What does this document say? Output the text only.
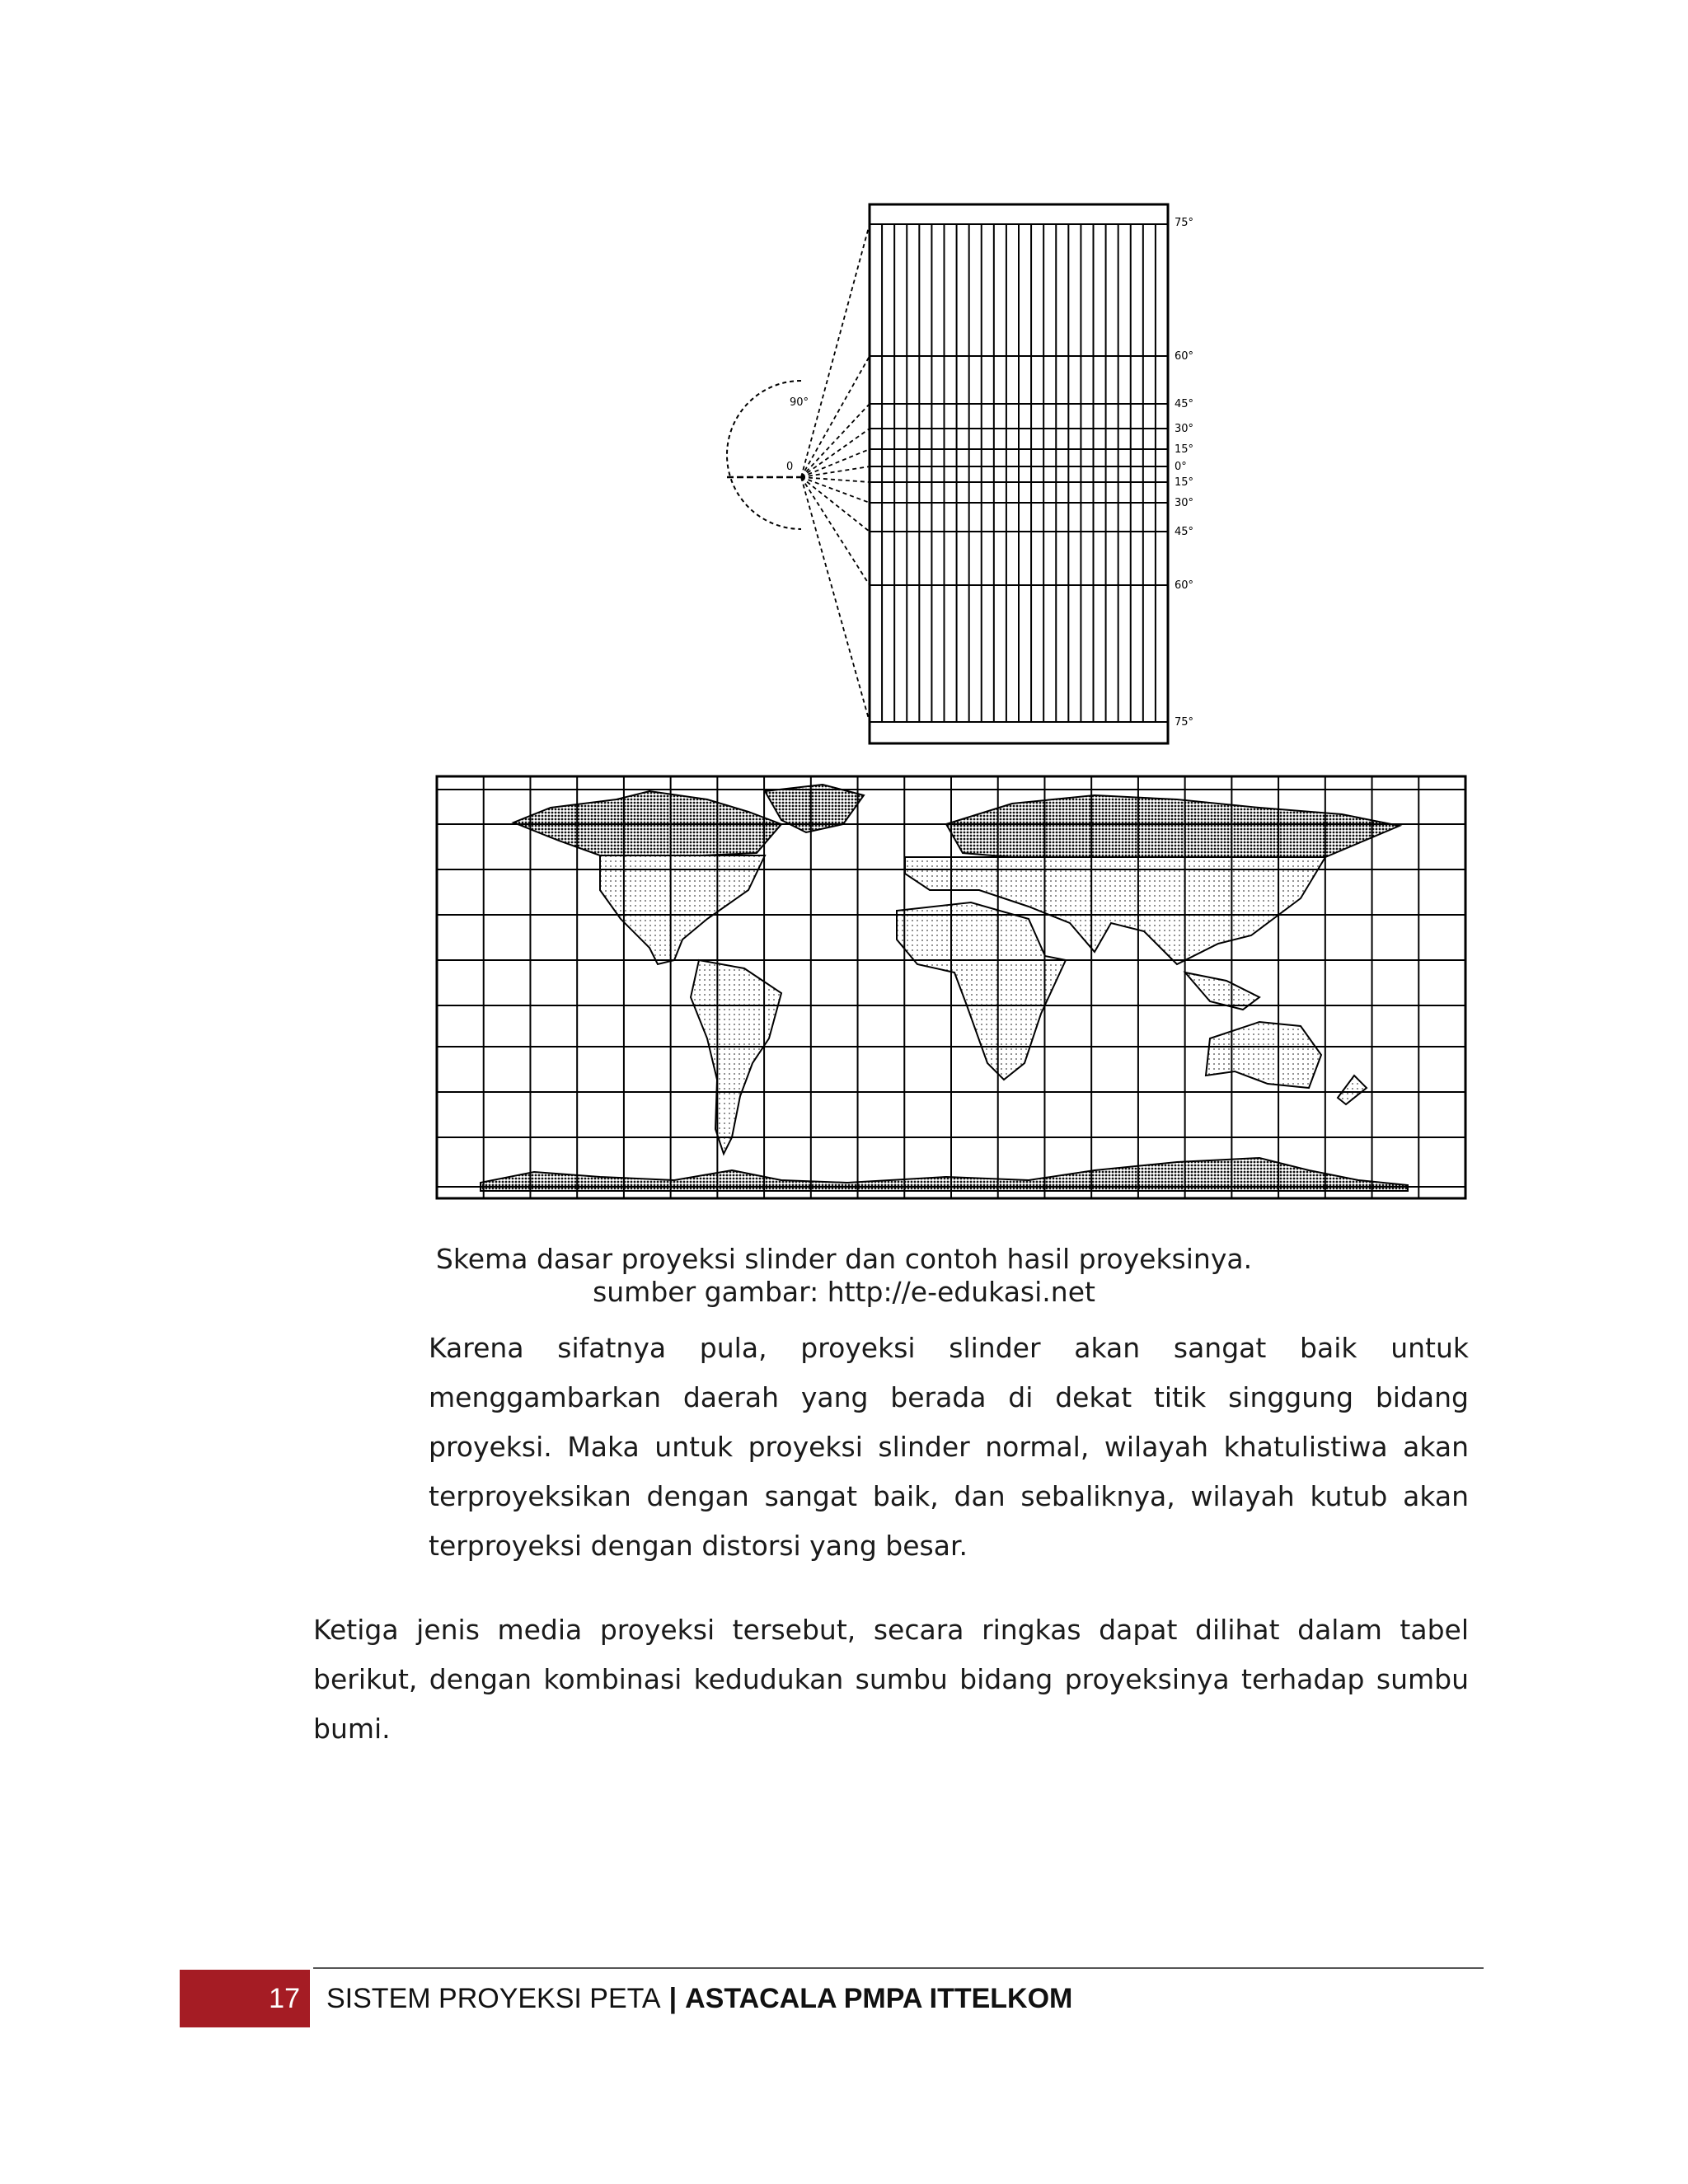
90°
0
75°
60°
45°
30°
15°
0°
15°
30°
45°
60°
75°
Skema dasar proyeksi slinder dan contoh hasil proyeksinya.
sumber gambar: http://e-edukasi.net

Karena sifatnya pula, proyeksi slinder akan sangat baik untuk menggambarkan daerah yang berada di dekat titik singgung bidang proyeksi. Maka untuk proyeksi slinder normal, wilayah khatulistiwa akan terproyeksikan dengan sangat baik, dan sebaliknya, wilayah kutub akan terproyeksi dengan distorsi yang besar.

Ketiga jenis media proyeksi tersebut, secara ringkas dapat dilihat dalam tabel berikut, dengan kombinasi kedudukan sumbu bidang proyeksinya terhadap sumbu bumi.

17 SISTEM PROYEKSI PETA | ASTACALA PMPA ITTELKOM
